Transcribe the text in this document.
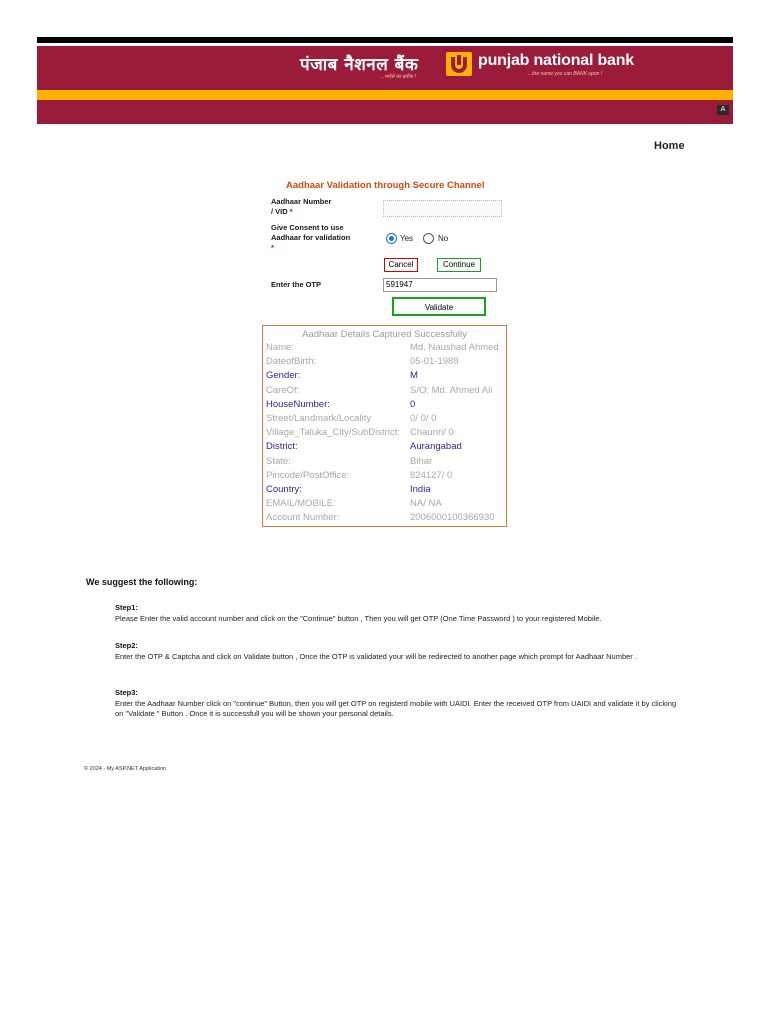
पंजाब नैशनल बैंक
...भरोसे का प्रतीक !
punjab national bank
...the name you can BANK upon !
A
Home
Aadhaar Validation through Secure Channel
Aadhaar Number
/ VID *
Give Consent to use
Aadhaar for validation
*
Yes	No
Cancel	Continue
Enter the OTP	591947
Validate
Aadhaar Details Captured Successfully
Name:	Md. Naushad Ahmed
DateofBirth:	05-01-1989
Gender:	M
CareOf:	S/O: Md. Ahmed Ali
HouseNumber:	0
Street/Landmark/Locality	0/ 0/ 0
Village_Taluka_City/SubDistrict: Chaunri/ 0
District:	Aurangabad
State:	Bihar
Pincode/PostOffice:	824127/ 0
Country:	India
EMAIL/MOBILE:	NA/ NA
Account Number:	2006000100366930
We suggest the following:
Step1:
Please Enter the valid account number and click on the "Continue" button , Then you will get OTP (One Time Password ) to your registered Mobile.
Step2:
Enter the OTP & Captcha and click on Validate button , Once the OTP is validated your will be redirected to another page which prompt for Aadhaar Number .
Step3:
Enter the Aadhaar Number click on "continue" Button, then you will get OTP on registerd mobile with UAIDI. Enter the received OTP from UAIDI and validate it by clicking on "Validate " Button . Once it is successfull you will be shown your personal details.
© 2024 - My ASP.NET Application
